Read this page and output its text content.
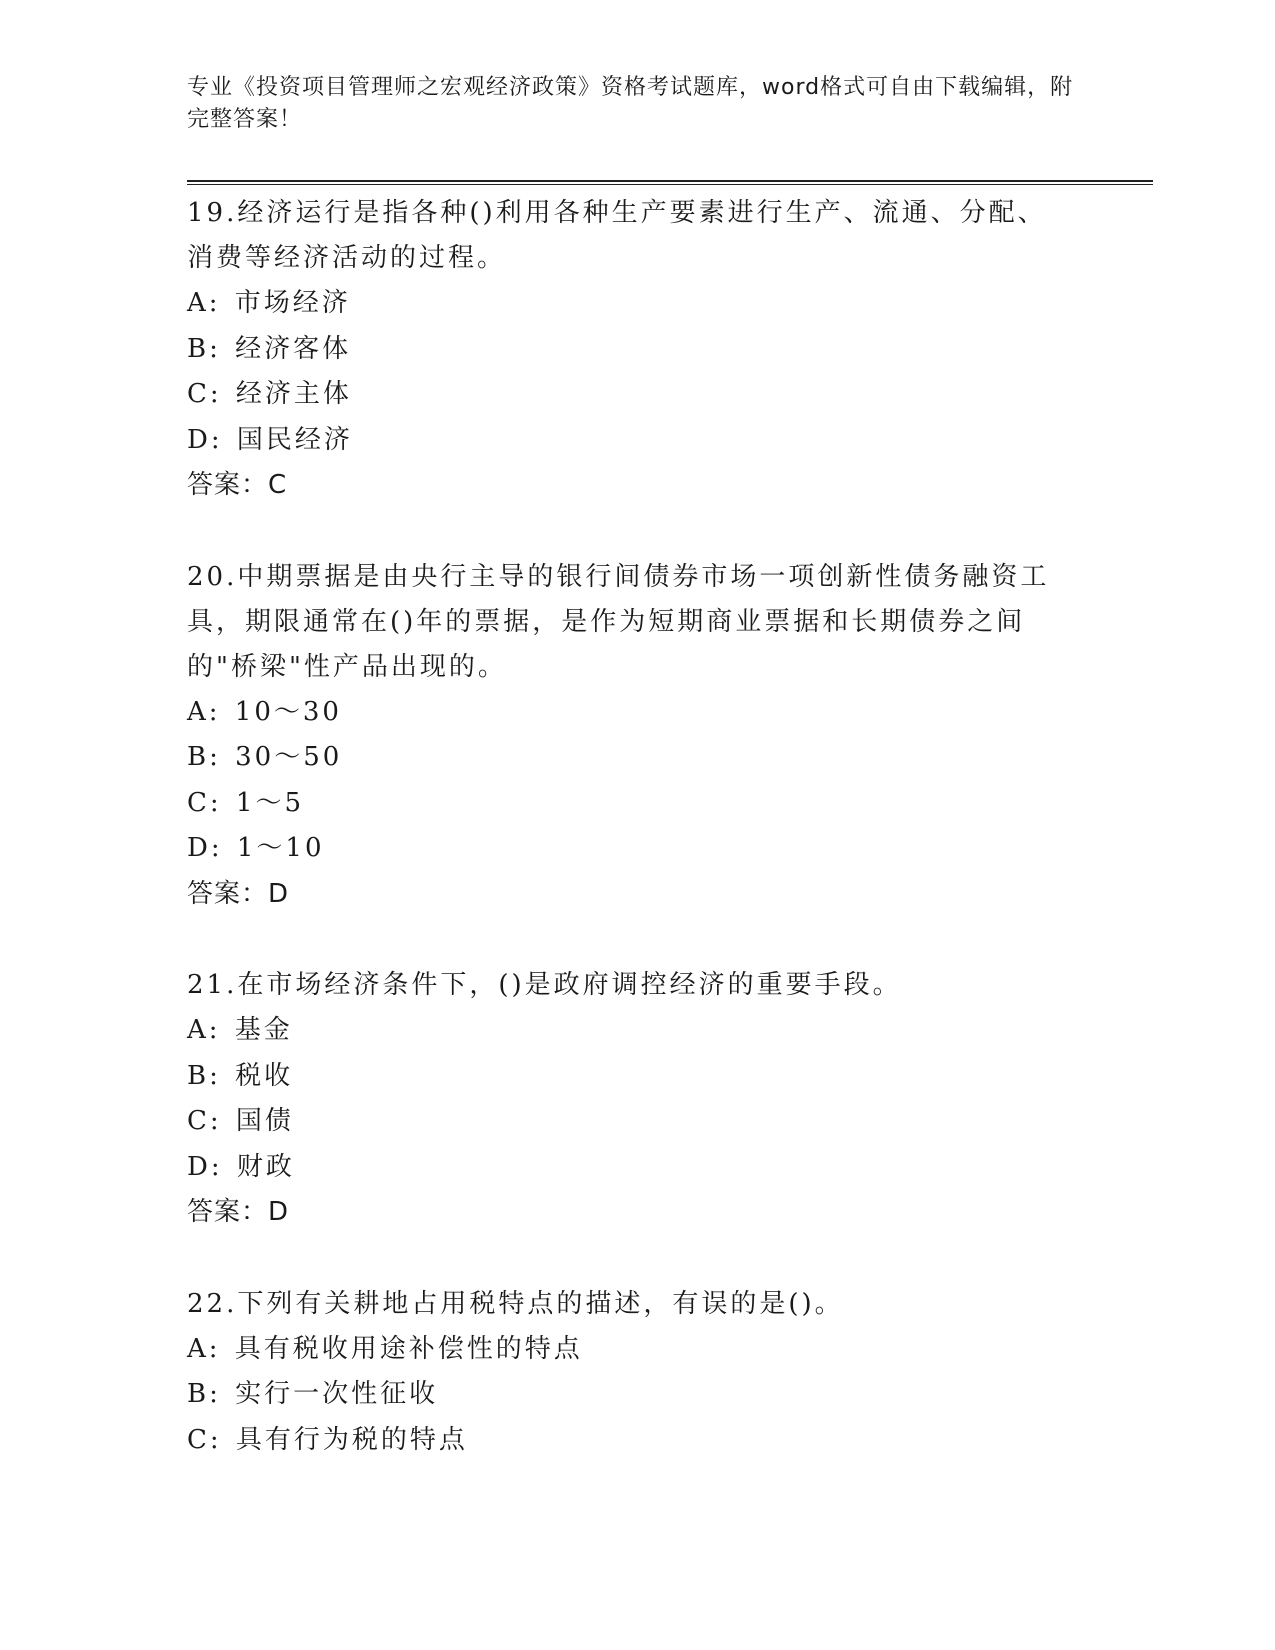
专业《投资项目管理师之宏观经济政策》资格考试题库，word格式可自由下载编辑，附完整答案！
19.经济运行是指各种()利用各种生产要素进行生产、流通、分配、消费等经济活动的过程。
A: 市场经济
B: 经济客体
C: 经济主体
D: 国民经济
答案：C
20.中期票据是由央行主导的银行间债券市场一项创新性债务融资工具，期限通常在()年的票据，是作为短期商业票据和长期债券之间的"桥梁"性产品出现的。
A: 10～30
B: 30～50
C: 1～5
D: 1～10
答案：D
21.在市场经济条件下，()是政府调控经济的重要手段。
A: 基金
B: 税收
C: 国债
D: 财政
答案：D
22.下列有关耕地占用税特点的描述，有误的是()。
A: 具有税收用途补偿性的特点
B: 实行一次性征收
C: 具有行为税的特点
